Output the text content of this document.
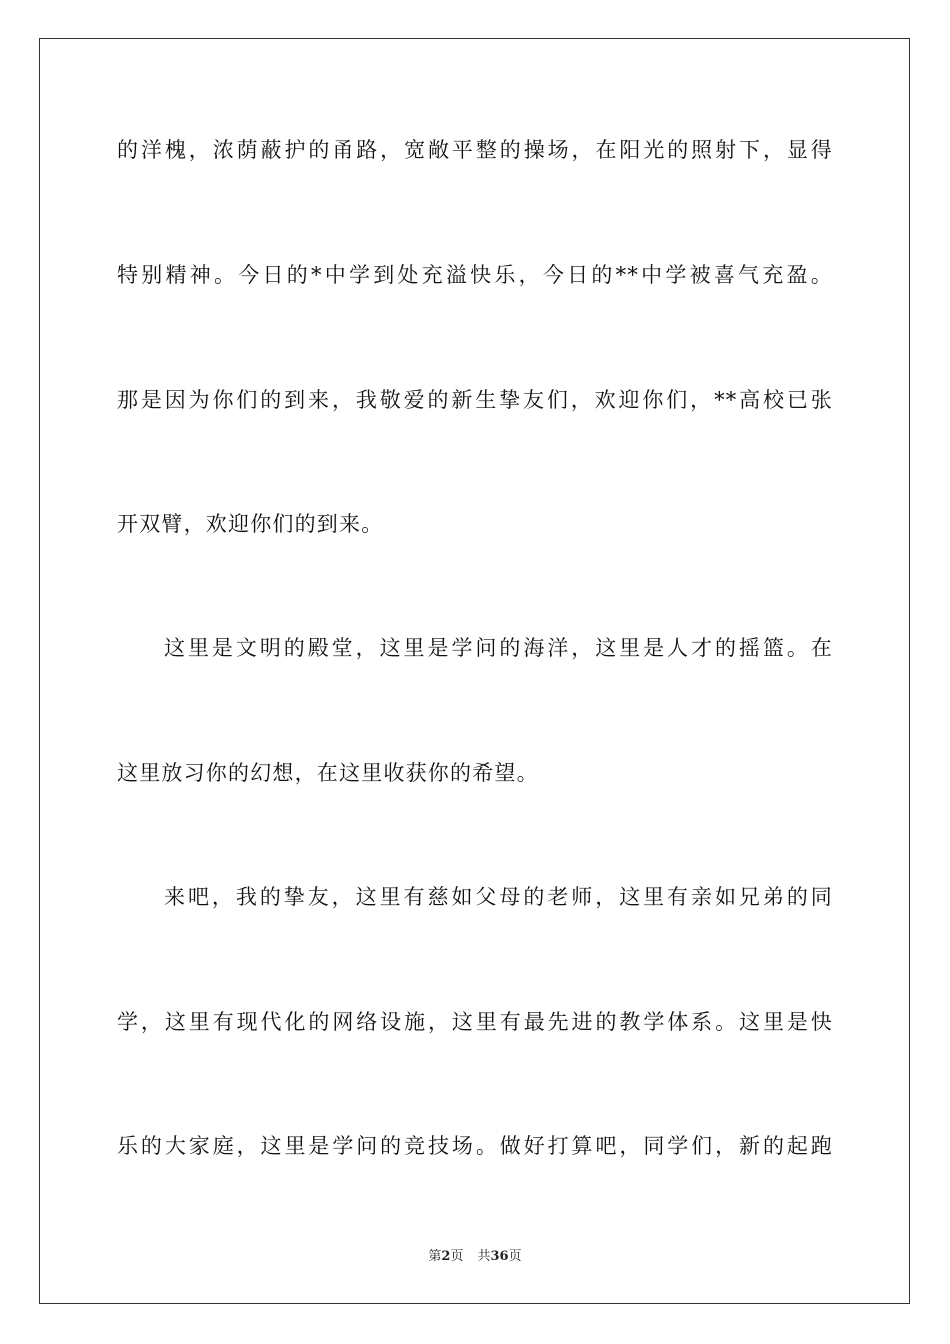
的洋槐，浓荫蔽护的甬路，宽敞平整的操场，在阳光的照射下，显得
特别精神。今日的*中学到处充溢快乐，今日的**中学被喜气充盈。
那是因为你们的到来，我敬爱的新生挚友们，欢迎你们，**高校已张
开双臂，欢迎你们的到来。
这里是文明的殿堂，这里是学问的海洋，这里是人才的摇篮。在
这里放习你的幻想，在这里收获你的希望。
来吧，我的挚友，这里有慈如父母的老师，这里有亲如兄弟的同
学，这里有现代化的网络设施，这里有最先进的教学体系。这里是快
乐的大家庭，这里是学问的竞技场。做好打算吧，同学们，新的起跑
第2页 共36页
